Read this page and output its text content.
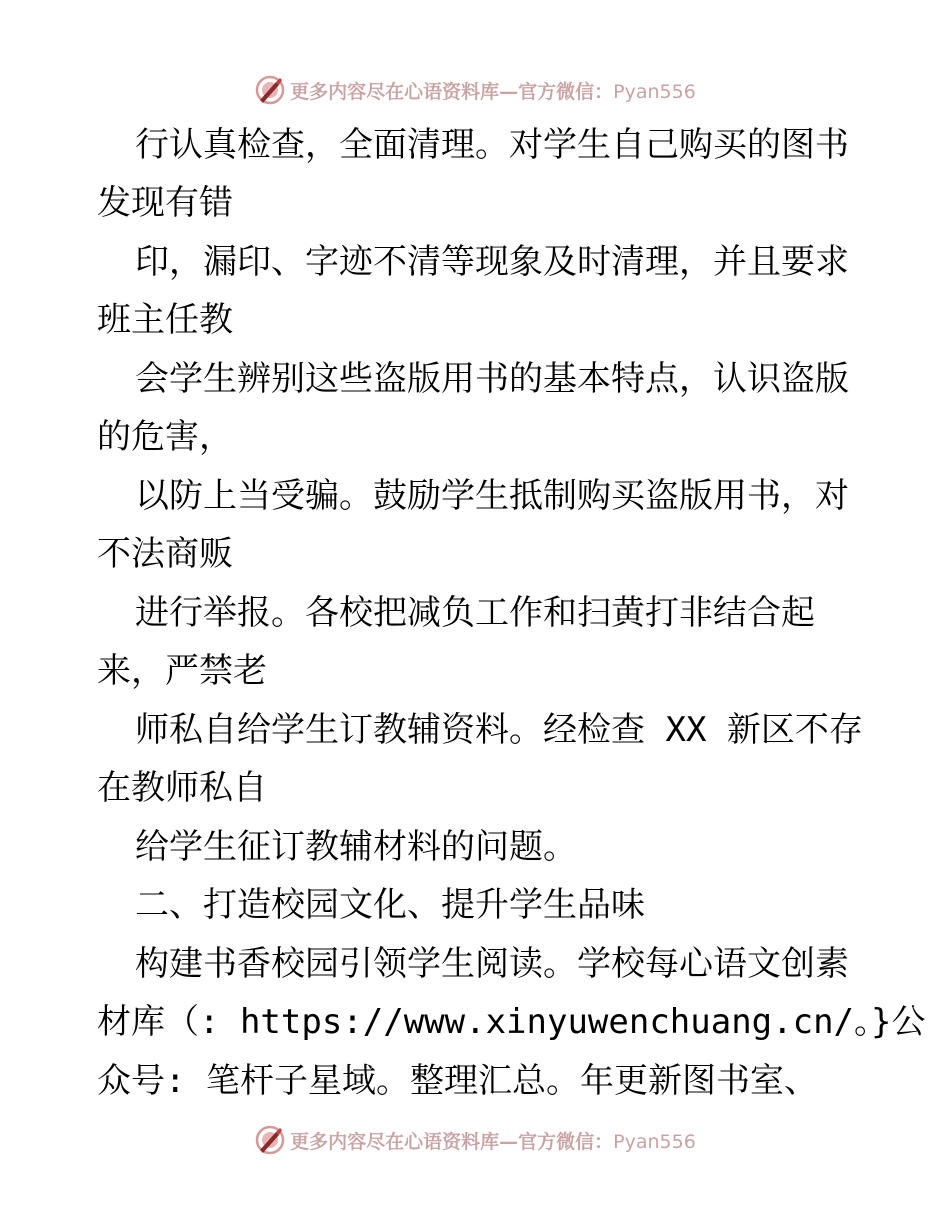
更多内容尽在心语资料库—官方微信：Pyan556
行认真检查，全面清理。对学生自己购买的图书
发现有错
印，漏印、字迹不清等现象及时清理，并且要求
班主任教
会学生辨别这些盗版用书的基本特点，认识盗版
的危害，
以防上当受骗。鼓励学生抵制购买盗版用书，对
不法商贩
进行举报。各校把减负工作和扫黄打非结合起
来，严禁老
师私自给学生订教辅资料。经检查 XX 新区不存
在教师私自
给学生征订教辅材料的问题。
二、打造校园文化、提升学生品味
构建书香校园引领学生阅读。学校每心语文创素
材库（: https://www.xinyuwenchuang.cn/。}公
众号: 笔杆子星域。整理汇总。年更新图书室、
更多内容尽在心语资料库—官方微信：Pyan556
